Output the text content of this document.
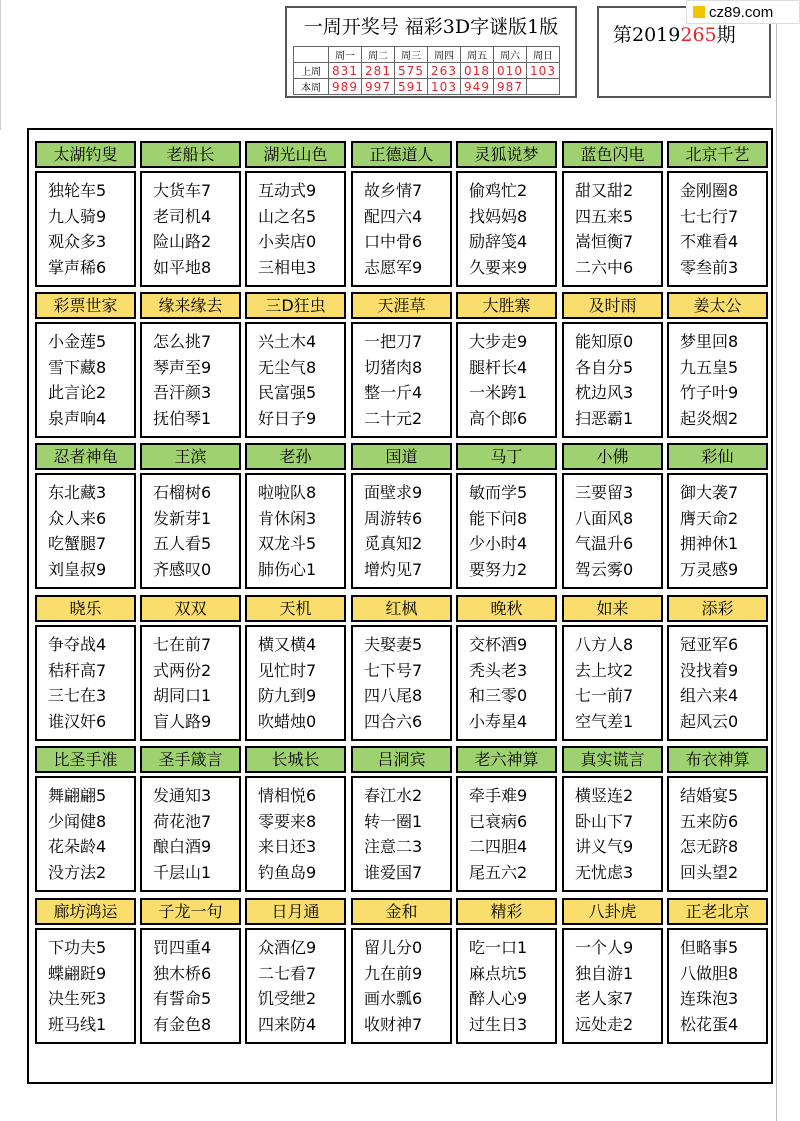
一周开奖号 福彩3D字谜版1版
	周一	周二	周三	周四	周五	周六	周日
上周	831	281	575	263	018	010	103
本周	989	997	591	103	949	987	
第2019265期
cz89.com
太湖钓叟
独轮车5
九人骑9
观众多3
掌声稀6
老船长
大货车7
老司机4
险山路2
如平地8
湖光山色
互动式9
山之名5
小卖店0
三相电3
正德道人
故乡情7
配四六4
口中骨6
志愿军9
灵狐说梦
偷鸡忙2
找妈妈8
励辞笺4
久要来9
蓝色闪电
甜又甜2
四五来5
嵩恒衡7
二六中6
北京千艺
金刚圈8
七七行7
不难看4
零叁前3
彩票世家
小金莲5
雪下藏8
此言论2
泉声响4
缘来缘去
怎么挑7
琴声至9
吾汗颜3
抚伯琴1
三D狂虫
兴土木4
无尘气8
民富强5
好日子9
天涯草
一把刀7
切猪肉8
整一斤4
二十元2
大胜寨
大步走9
腿杆长4
一米跨1
高个郎6
及时雨
能知原0
各自分5
枕边风3
扫恶霸1
姜太公
梦里回8
九五皇5
竹子叶9
起炎烟2
忍者神龟
东北藏3
众人来6
吃蟹腿7
刘皇叔9
王滨
石榴树6
发新芽1
五人看5
齐感叹0
老孙
啦啦队8
肯休闲3
双龙斗5
肺伤心1
国道
面壁求9
周游转6
觅真知2
增灼见7
马丁
敏而学5
能下问8
少小时4
要努力2
小佛
三要留3
八面风8
气温升6
驾云雾0
彩仙
御大袭7
膺天命2
拥神休1
万灵感9
晓乐
争夺战4
秸秆高7
三七在3
谁汉奸6
双双
七在前7
式两份2
胡同口1
盲人路9
天机
横又横4
见忙时7
防九到9
吹蜡烛0
红枫
夫娶妻5
七下号7
四八尾8
四合六6
晚秋
交杯酒9
秃头老3
和三零0
小寿星4
如来
八方人8
去上坟2
七一前7
空气差1
添彩
冠亚军6
没找着9
组六来4
起风云0
比圣手准
舞翩翩5
少闻健8
花朵龄4
没方法2
圣手箴言
发通知3
荷花池7
酿白酒9
千层山1
长城长
情相悦6
零要来8
来日还3
钓鱼岛9
吕洞宾
春江水2
转一圈1
注意二3
谁爱国7
老六神算
牵手难9
已衰病6
二四胆4
尾五六2
真实谎言
横竖连2
卧山下7
讲义气9
无忧虑3
布衣神算
结婚宴5
五来防6
怎无跻8
回头望2
廊坊鸿运
下功夫5
蝶翩跹9
决生死3
班马线1
子龙一句
罚四重4
独木桥6
有誓命5
有金色8
日月通
众酒亿9
二七看7
饥受绁2
四来防4
金和
留儿分0
九在前9
画水瓢6
收财神7
精彩
吃一口1
麻点坑5
醉人心9
过生日3
八卦虎
一个人9
独自游1
老人家7
远处走2
正老北京
但略事5
八做胆8
连珠泡3
松花蛋4
